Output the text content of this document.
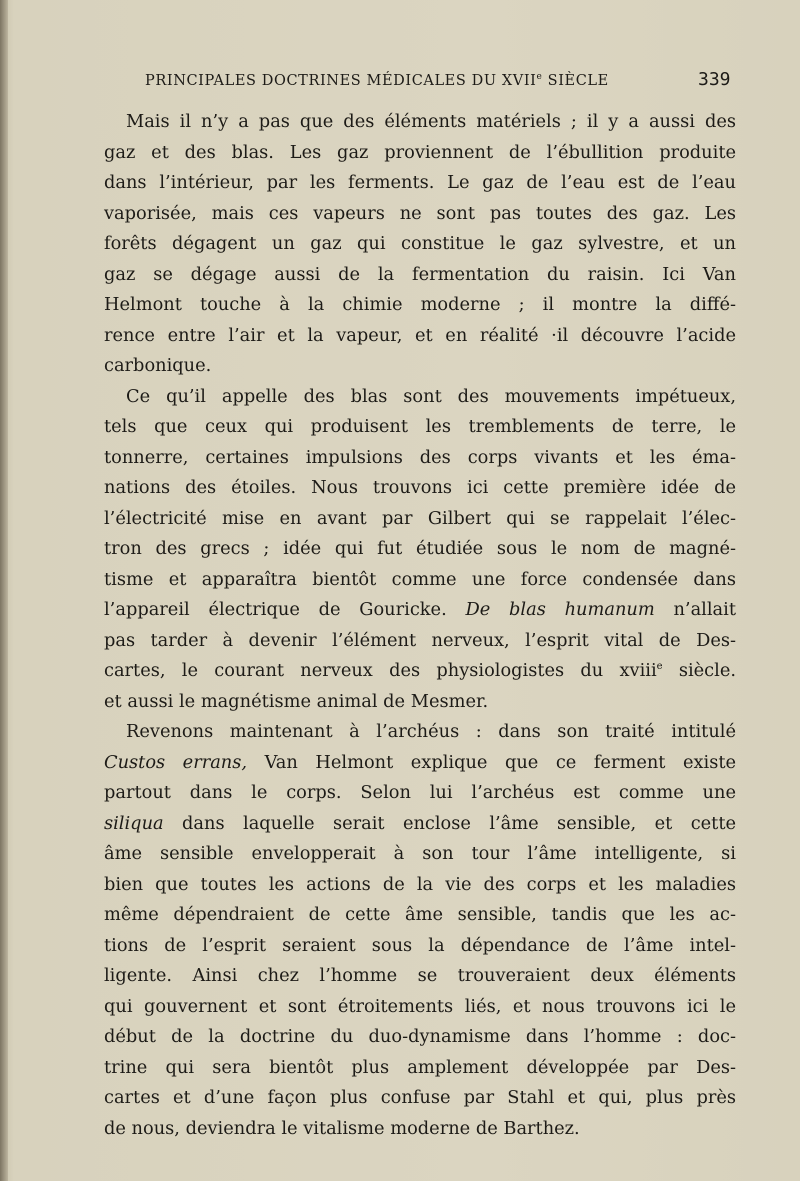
PRINCIPALES DOCTRINES MÉDICALES DU XVIIe SIÈCLE	339
Mais il n’y a pas que des éléments matériels ; il y a aussi des
gaz et des blas. Les gaz proviennent de l’ébullition produite
dans l’intérieur, par les ferments. Le gaz de l’eau est de l’eau
vaporisée, mais ces vapeurs ne sont pas toutes des gaz. Les
forêts dégagent un gaz qui constitue le gaz sylvestre, et un
gaz se dégage aussi de la fermentation du raisin. Ici Van
Helmont touche à la chimie moderne ; il montre la diffé-
rence entre l’air et la vapeur, et en réalité ·il découvre l’acide
carbonique.
Ce qu’il appelle des blas sont des mouvements impétueux,
tels que ceux qui produisent les tremblements de terre, le
tonnerre, certaines impulsions des corps vivants et les éma-
nations des étoiles. Nous trouvons ici cette première idée de
l’électricité mise en avant par Gilbert qui se rappelait l’élec-
tron des grecs ; idée qui fut étudiée sous le nom de magné-
tisme et apparaîtra bientôt comme une force condensée dans
l’appareil électrique de Gouricke. De blas humanum n’allait
pas tarder à devenir l’élément nerveux, l’esprit vital de Des-
cartes, le courant nerveux des physiologistes du xviii$^e$ siècle.
et aussi le magnétisme animal de Mesmer.
Revenons maintenant à l’archéus : dans son traité intitulé
Custos errans, Van Helmont explique que ce ferment existe
partout dans le corps. Selon lui l’archéus est comme une
siliqua dans laquelle serait enclose l’âme sensible, et cette
âme sensible envelopperait à son tour l’âme intelligente, si
bien que toutes les actions de la vie des corps et les maladies
même dépendraient de cette âme sensible, tandis que les ac-
tions de l’esprit seraient sous la dépendance de l’âme intel-
ligente. Ainsi chez l’homme se trouveraient deux éléments
qui gouvernent et sont étroitements liés, et nous trouvons ici le
début de la doctrine du duo-dynamisme dans l’homme : doc-
trine qui sera bientôt plus amplement développée par Des-
cartes et d’une façon plus confuse par Stahl et qui, plus près
de nous, deviendra le vitalisme moderne de Barthez.
